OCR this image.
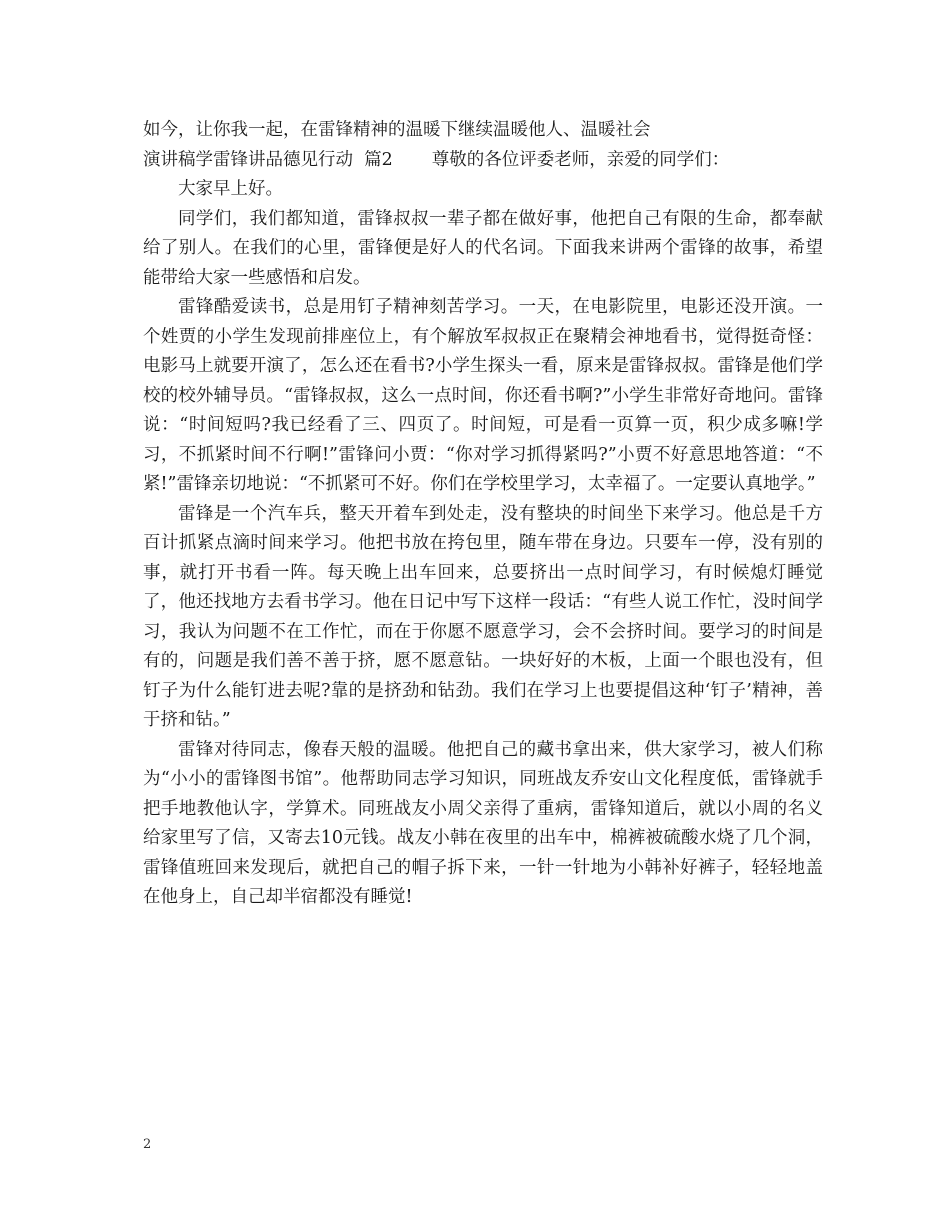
如今，让你我一起，在雷锋精神的温暖下继续温暖他人、温暖社会

演讲稿学雷锋讲品德见行动  篇2       尊敬的各位评委老师，亲爱的同学们：

大家早上好。

同学们，我们都知道，雷锋叔叔一辈子都在做好事，他把自己有限的生命，都奉献给了别人。在我们的心里，雷锋便是好人的代名词。下面我来讲两个雷锋的故事，希望能带给大家一些感悟和启发。

雷锋酷爱读书，总是用钉子精神刻苦学习。一天，在电影院里，电影还没开演。一个姓贾的小学生发现前排座位上，有个解放军叔叔正在聚精会神地看书，觉得挺奇怪：电影马上就要开演了，怎么还在看书?小学生探头一看，原来是雷锋叔叔。雷锋是他们学校的校外辅导员。“雷锋叔叔，这么一点时间，你还看书啊?”小学生非常好奇地问。雷锋说：“时间短吗?我已经看了三、四页了。时间短，可是看一页算一页，积少成多嘛!学习，不抓紧时间不行啊!”雷锋问小贾：“你对学习抓得紧吗?”小贾不好意思地答道：“不紧!”雷锋亲切地说：“不抓紧可不好。你们在学校里学习，太幸福了。一定要认真地学。”

雷锋是一个汽车兵，整天开着车到处走，没有整块的时间坐下来学习。他总是千方百计抓紧点滴时间来学习。他把书放在挎包里，随车带在身边。只要车一停，没有别的事，就打开书看一阵。每天晚上出车回来，总要挤出一点时间学习，有时候熄灯睡觉了，他还找地方去看书学习。他在日记中写下这样一段话：“有些人说工作忙，没时间学习，我认为问题不在工作忙，而在于你愿不愿意学习，会不会挤时间。要学习的时间是有的，问题是我们善不善于挤，愿不愿意钻。一块好好的木板，上面一个眼也没有，但钉子为什么能钉进去呢?靠的是挤劲和钻劲。我们在学习上也要提倡这种‘钉子’精神，善于挤和钻。”

雷锋对待同志，像春天般的温暖。他把自己的藏书拿出来，供大家学习，被人们称为“小小的雷锋图书馆”。他帮助同志学习知识，同班战友乔安山文化程度低，雷锋就手把手地教他认字，学算术。同班战友小周父亲得了重病，雷锋知道后，就以小周的名义给家里写了信，又寄去10元钱。战友小韩在夜里的出车中，棉裤被硫酸水烧了几个洞，雷锋值班回来发现后，就把自己的帽子拆下来，一针一针地为小韩补好裤子，轻轻地盖在他身上，自己却半宿都没有睡觉!

2
